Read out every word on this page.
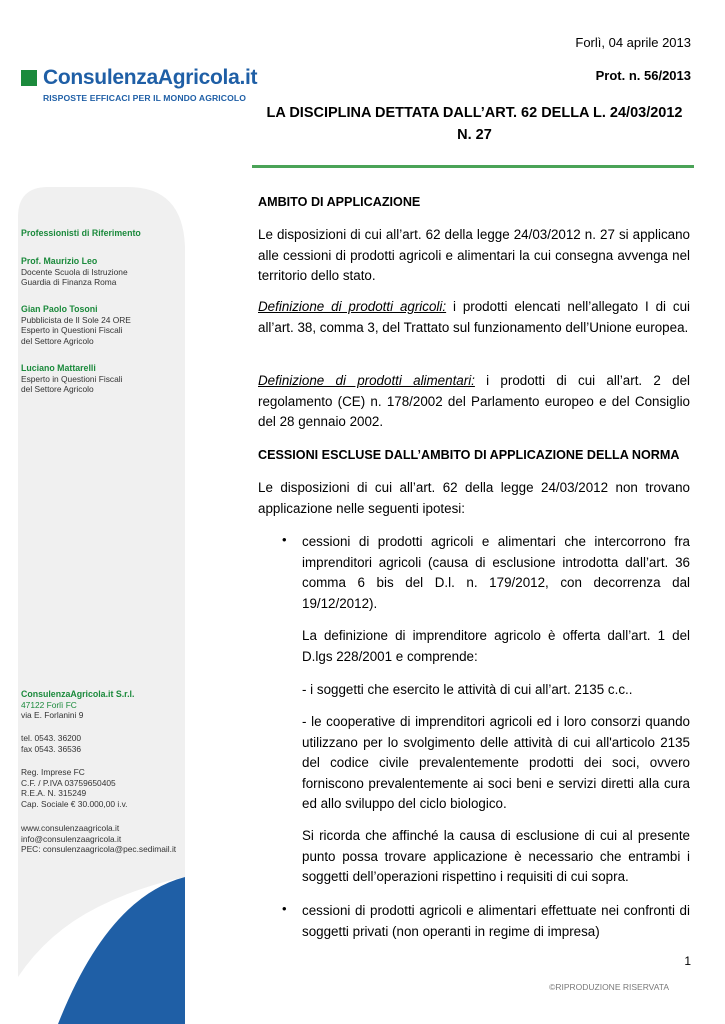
Forlì, 04 aprile 2013
Prot. n. 56/2013
ConsulenzaAgricola.it
RISPOSTE EFFICACI PER IL MONDO AGRICOLO
LA DISCIPLINA DETTATA DALL’ART. 62 DELLA L. 24/03/2012
N. 27
Professionisti di Riferimento
Prof. Maurizio Leo
Docente Scuola di Istruzione
Guardia di Finanza Roma
Gian Paolo Tosoni
Pubblicista de Il Sole 24 ORE
Esperto in Questioni Fiscali
del Settore Agricolo
Luciano Mattarelli
Esperto in Questioni Fiscali
del Settore Agricolo
ConsulenzaAgricola.it S.r.l.
47122 Forlì FC
via E. Forlanini 9
tel. 0543. 36200
fax 0543. 36536
Reg. Imprese FC
C.F. / P.IVA 03759650405
R.E.A. N. 315249
Cap. Sociale € 30.000,00 i.v.
www.consulenzaagricola.it
info@consulenzaagricola.it
PEC: consulenzaagricola@pec.sedimail.it

AMBITO DI APPLICAZIONE

Le disposizioni di cui all’art. 62 della legge 24/03/2012 n. 27 si applicano alle cessioni di prodotti agricoli e alimentari la cui consegna avvenga nel territorio dello stato.

Definizione di prodotti agricoli: i prodotti elencati nell’allegato I di cui all’art. 38, comma 3, del Trattato sul funzionamento dell’Unione europea.

Definizione di prodotti alimentari: i prodotti di cui all’art. 2 del regolamento (CE) n. 178/2002 del Parlamento europeo e del Consiglio del 28 gennaio 2002.

CESSIONI ESCLUSE DALL’AMBITO DI APPLICAZIONE DELLA NORMA

Le disposizioni di cui all’art. 62 della legge 24/03/2012 non trovano applicazione nelle seguenti ipotesi:

•	cessioni di prodotti agricoli e alimentari che intercorrono fra imprenditori agricoli (causa di esclusione introdotta dall’art. 36 comma 6 bis del D.l. n. 179/2012, con decorrenza dal 19/12/2012).

La definizione di imprenditore agricolo è offerta dall’art. 1 del D.lgs 228/2001 e comprende:

- i soggetti che esercito le attività di cui all’art. 2135 c.c..

- le cooperative di imprenditori agricoli ed i loro consorzi quando utilizzano per lo svolgimento delle attività di cui all'articolo 2135 del codice civile prevalentemente prodotti dei soci, ovvero forniscono prevalentemente ai soci beni e servizi diretti alla cura ed allo sviluppo del ciclo biologico.

Si ricorda che affinché la causa di esclusione di cui al presente punto possa trovare applicazione è necessario che entrambi i soggetti dell’operazioni rispettino i requisiti di cui sopra.

•	cessioni di prodotti agricoli e alimentari effettuate nei confronti di soggetti privati (non operanti in regime di impresa)

1
©RIPRODUZIONE RISERVATA
